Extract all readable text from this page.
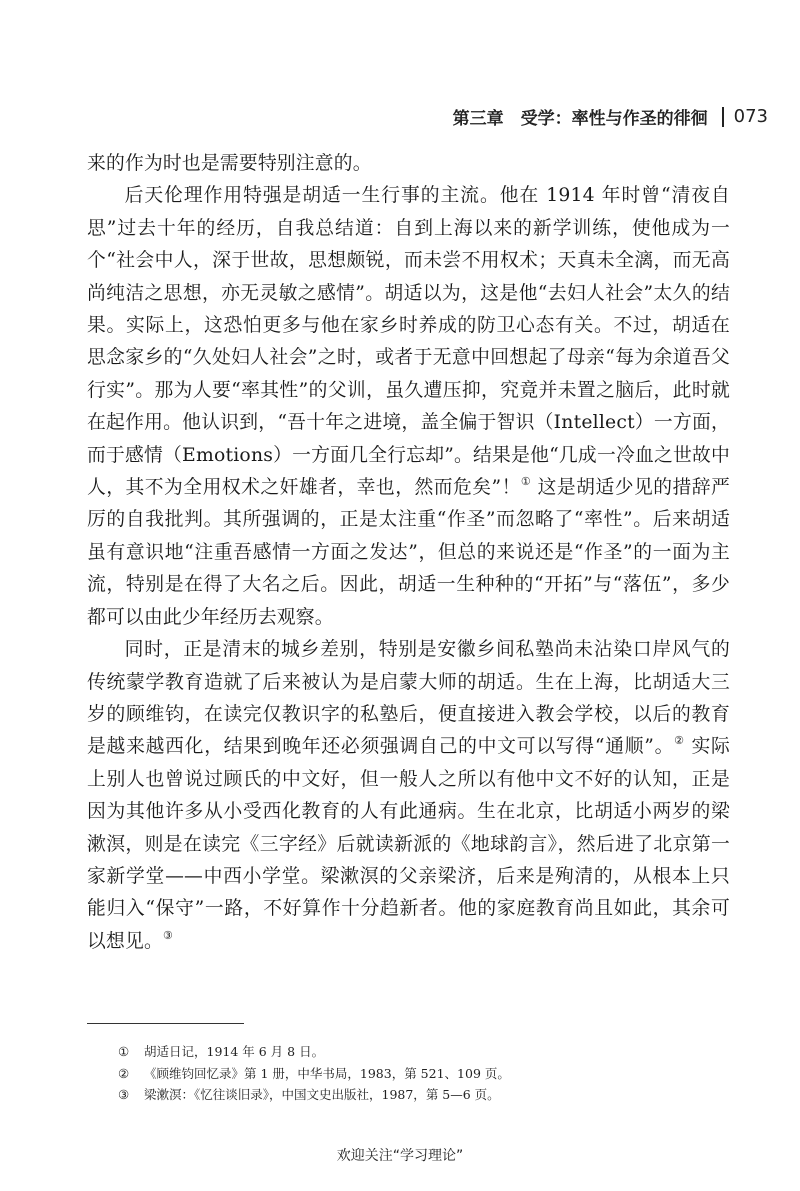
第三章　受学：率性与作圣的徘徊 073

来的作为时也是需要特别注意的。

后天伦理作用特强是胡适一生行事的主流。他在 1914 年时曾“清夜自思”过去十年的经历，自我总结道：自到上海以来的新学训练，使他成为一个“社会中人，深于世故，思想颇锐，而未尝不用权术；天真未全漓，而无高尚纯洁之思想，亦无灵敏之感情”。胡适以为，这是他“去妇人社会”太久的结果。实际上，这恐怕更多与他在家乡时养成的防卫心态有关。不过，胡适在思念家乡的“久处妇人社会”之时，或者于无意中回想起了母亲“每为余道吾父行实”。那为人要“率其性”的父训，虽久遭压抑，究竟并未置之脑后，此时就在起作用。他认识到，“吾十年之进境，盖全偏于智识（Intellect）一方面，而于感情（Emotions）一方面几全行忘却”。结果是他“几成一冷血之世故中人，其不为全用权术之奸雄者，幸也，然而危矣”！① 这是胡适少见的措辞严厉的自我批判。其所强调的，正是太注重“作圣”而忽略了“率性”。后来胡适虽有意识地“注重吾感情一方面之发达”，但总的来说还是“作圣”的一面为主流，特别是在得了大名之后。因此，胡适一生种种的“开拓”与“落伍”，多少都可以由此少年经历去观察。

同时，正是清末的城乡差别，特别是安徽乡间私塾尚未沾染口岸风气的传统蒙学教育造就了后来被认为是启蒙大师的胡适。生在上海，比胡适大三岁的顾维钧，在读完仅教识字的私塾后，便直接进入教会学校，以后的教育是越来越西化，结果到晚年还必须强调自己的中文可以写得“通顺”。② 实际上别人也曾说过顾氏的中文好，但一般人之所以有他中文不好的认知，正是因为其他许多从小受西化教育的人有此通病。生在北京，比胡适小两岁的梁漱溟，则是在读完《三字经》后就读新派的《地球韵言》，然后进了北京第一家新学堂——中西小学堂。梁漱溟的父亲梁济，后来是殉清的，从根本上只能归入“保守”一路，不好算作十分趋新者。他的家庭教育尚且如此，其余可以想见。③

①	胡适日记，1914 年 6 月 8 日。
②	《顾维钧回忆录》第 1 册，中华书局，1983，第 521、109 页。
③	梁漱溟：《忆往谈旧录》，中国文史出版社，1987，第 5—6 页。
欢迎关注“学习理论”
